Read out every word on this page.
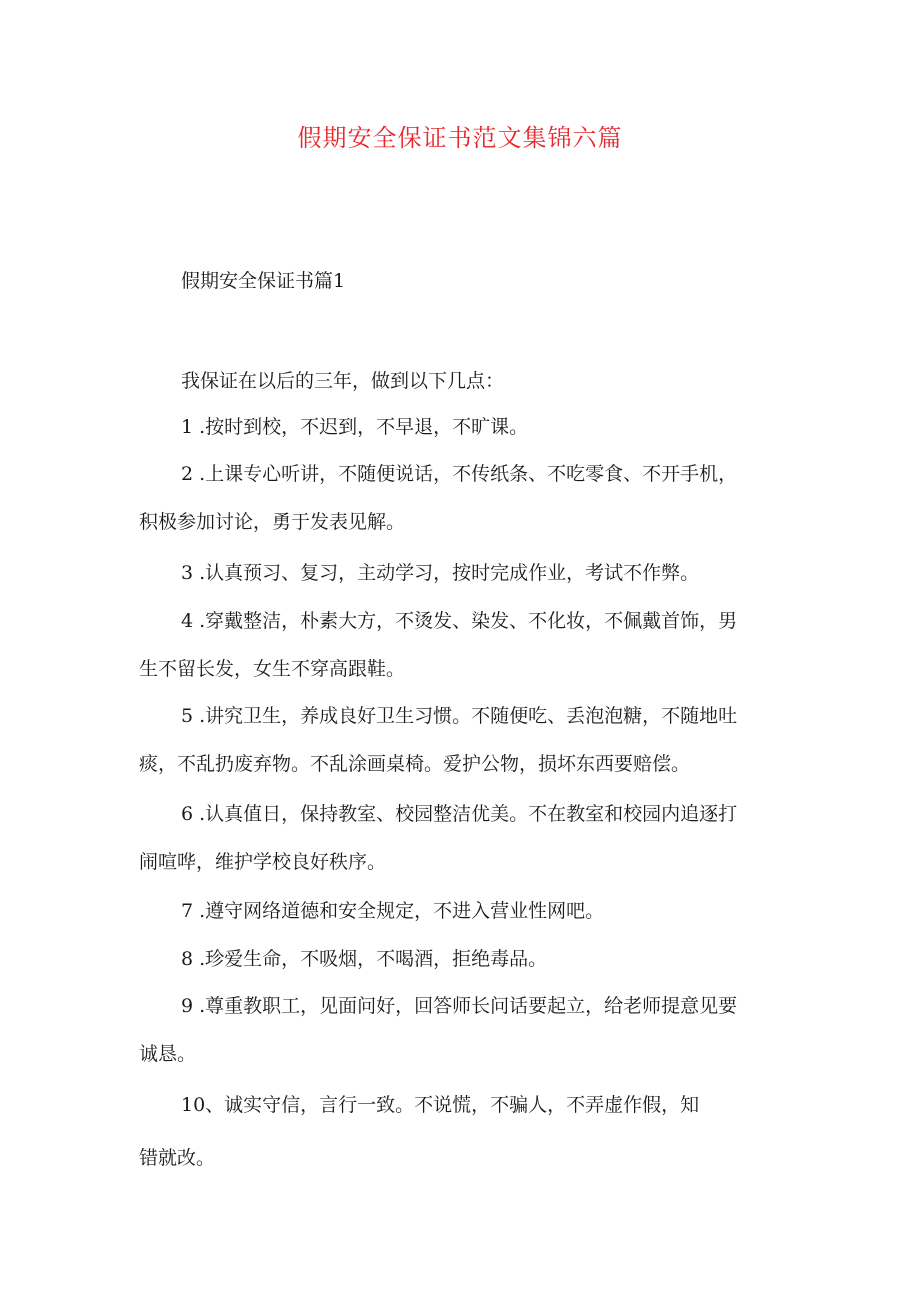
假期安全保证书范文集锦六篇
假期安全保证书篇1

我保证在以后的三年，做到以下几点：

1 .按时到校，不迟到，不早退，不旷课。

2 .上课专心听讲，不随便说话，不传纸条、不吃零食、不开手机，
积极参加讨论，勇于发表见解。

3 .认真预习、复习，主动学习，按时完成作业，考试不作弊。

4 .穿戴整洁，朴素大方，不烫发、染发、不化妆，不佩戴首饰，男
生不留长发，女生不穿高跟鞋。

5 .讲究卫生，养成良好卫生习惯。不随便吃、丢泡泡糖，不随地吐
痰，不乱扔废弃物。不乱涂画桌椅。爱护公物，损坏东西要赔偿。

6 .认真值日，保持教室、校园整洁优美。不在教室和校园内追逐打
闹喧哗，维护学校良好秩序。

7 .遵守网络道德和安全规定，不进入营业性网吧。

8 .珍爱生命，不吸烟，不喝酒，拒绝毒品。

9 .尊重教职工，见面问好，回答师长问话要起立，给老师提意见要
诚恳。

10、诚实守信，言行一致。不说慌，不骗人，不弄虚作假，知

错就改。
